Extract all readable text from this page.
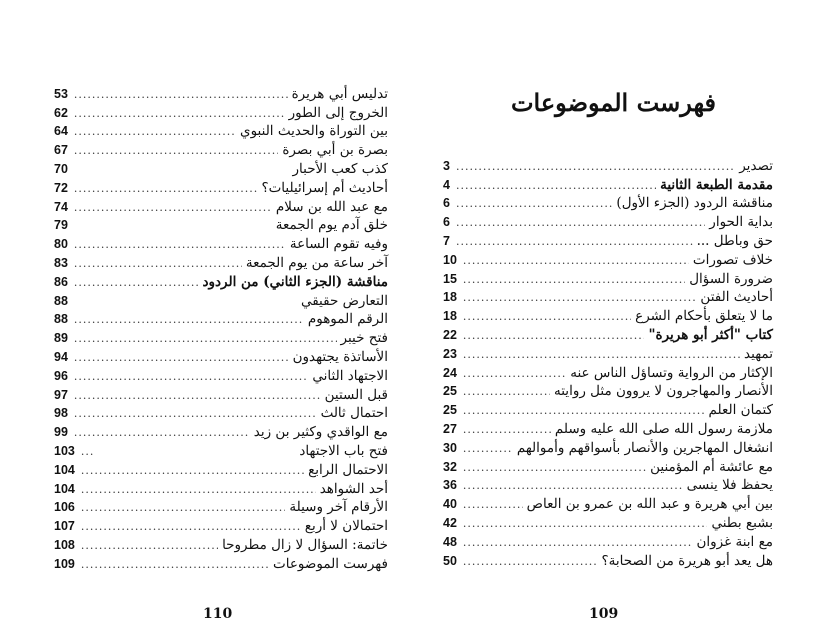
53 .....	تدليس أبي هريرة
62 .....	الخروج إلى الطور
64 .....	بين التوراة والحديث النبوي
67 .....	بصرة بن أبي بصرة
70	كذب كعب الأحبار
72 .....	أحاديث أم إسرائيليات؟
74 .....	مع عبد الله بن سلام
79	خلق آدم يوم الجمعة
80 .....	وفيه تقوم الساعة
83 .....	آخر ساعة من يوم الجمعة
86 .....	مناقشة (الجزء الثاني) من الردود
88	التعارض حقيقي
88 .....	الرقم الموهوم
89 .....	فتح خيبر
94 .....	الأساتذة يجتهدون
96 .....	الاجتهاد الثاني
97 .....	قبل الستين
98 .....	احتمال ثالث
99 .....	مع الواقدي وكثير بن زيد
103 .....	فتح باب الاجتهاد
104 .....	الاحتمال الرابع
104 .....	أحد الشواهد
106 .....	الأرقام آخر وسيلة
107 .....	احتمالان لا أربع
108 .....	خاتمة: السؤال لا زال مطروحا
109 .....	فهرست الموضوعات
110
فهرست الموضوعات
3 .....	تصدير
4 .....	مقدمة الطبعة الثانية
6 .....	مناقشة الردود (الجزء الأول)
6 .....	بداية الحوار
7 .....	حق وباطل ...
10 .....	خلاف تصورات
15 .....	ضرورة السؤال
18 .....	أحاديث الفتن
18 .....	ما لا يتعلق بأحكام الشرع
22 .....	كتاب "أكثر أبو هريرة"
23 .....	تمهيد
24 .....	الإكثار من الرواية وتساؤل الناس عنه
25 .....	الأنصار والمهاجرون لا يروون مثل روايته
25 .....	كتمان العلم
27 .....	ملازمة رسول الله صلى الله عليه وسلم
30 .....	انشغال المهاجرين والأنصار بأسواقهم وأموالهم
32 .....	مع عائشة أم المؤمنين
36 .....	يحفظ فلا ينسى
40 .....	بين أبي هريرة و عبد الله بن عمرو بن العاص
42 .....	بشبع بطني
48 .....	مع ابنة غزوان
50 .....	هل يعد أبو هريرة من الصحابة؟
109
